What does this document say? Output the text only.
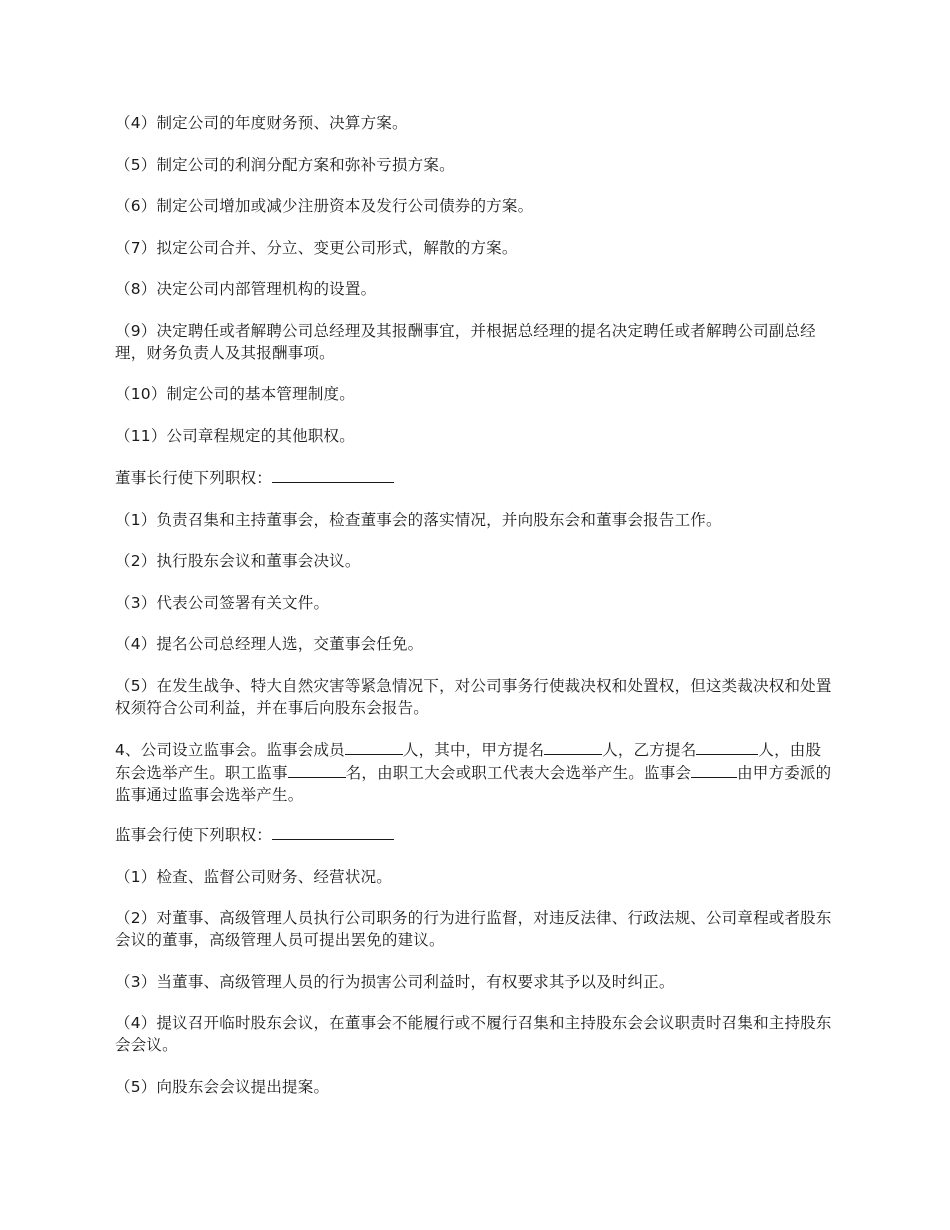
（4）制定公司的年度财务预、决算方案。

（5）制定公司的利润分配方案和弥补亏损方案。

（6）制定公司增加或减少注册资本及发行公司债券的方案。

（7）拟定公司合并、分立、变更公司形式，解散的方案。

（8）决定公司内部管理机构的设置。

（9）决定聘任或者解聘公司总经理及其报酬事宜，并根据总经理的提名决定聘任或者解聘公司副总经理，财务负责人及其报酬事项。

（10）制定公司的基本管理制度。

（11）公司章程规定的其他职权。

董事长行使下列职权：

（1）负责召集和主持董事会，检查董事会的落实情况，并向股东会和董事会报告工作。

（2）执行股东会议和董事会决议。

（3）代表公司签署有关文件。

（4）提名公司总经理人选，交董事会任免。

（5）在发生战争、特大自然灾害等紧急情况下，对公司事务行使裁决权和处置权，但这类裁决权和处置权须符合公司利益，并在事后向股东会报告。

4、公司设立监事会。监事会成员	人，其中，甲方提名	人，乙方提名	人，由股东会选举产生。职工监事	名，由职工大会或职工代表大会选举产生。监事会	由甲方委派的监事通过监事会选举产生。

监事会行使下列职权：

（1）检查、监督公司财务、经营状况。

（2）对董事、高级管理人员执行公司职务的行为进行监督，对违反法律、行政法规、公司章程或者股东会议的董事，高级管理人员可提出罢免的建议。

（3）当董事、高级管理人员的行为损害公司利益时，有权要求其予以及时纠正。

（4）提议召开临时股东会议，在董事会不能履行或不履行召集和主持股东会会议职责时召集和主持股东会会议。

（5）向股东会会议提出提案。
